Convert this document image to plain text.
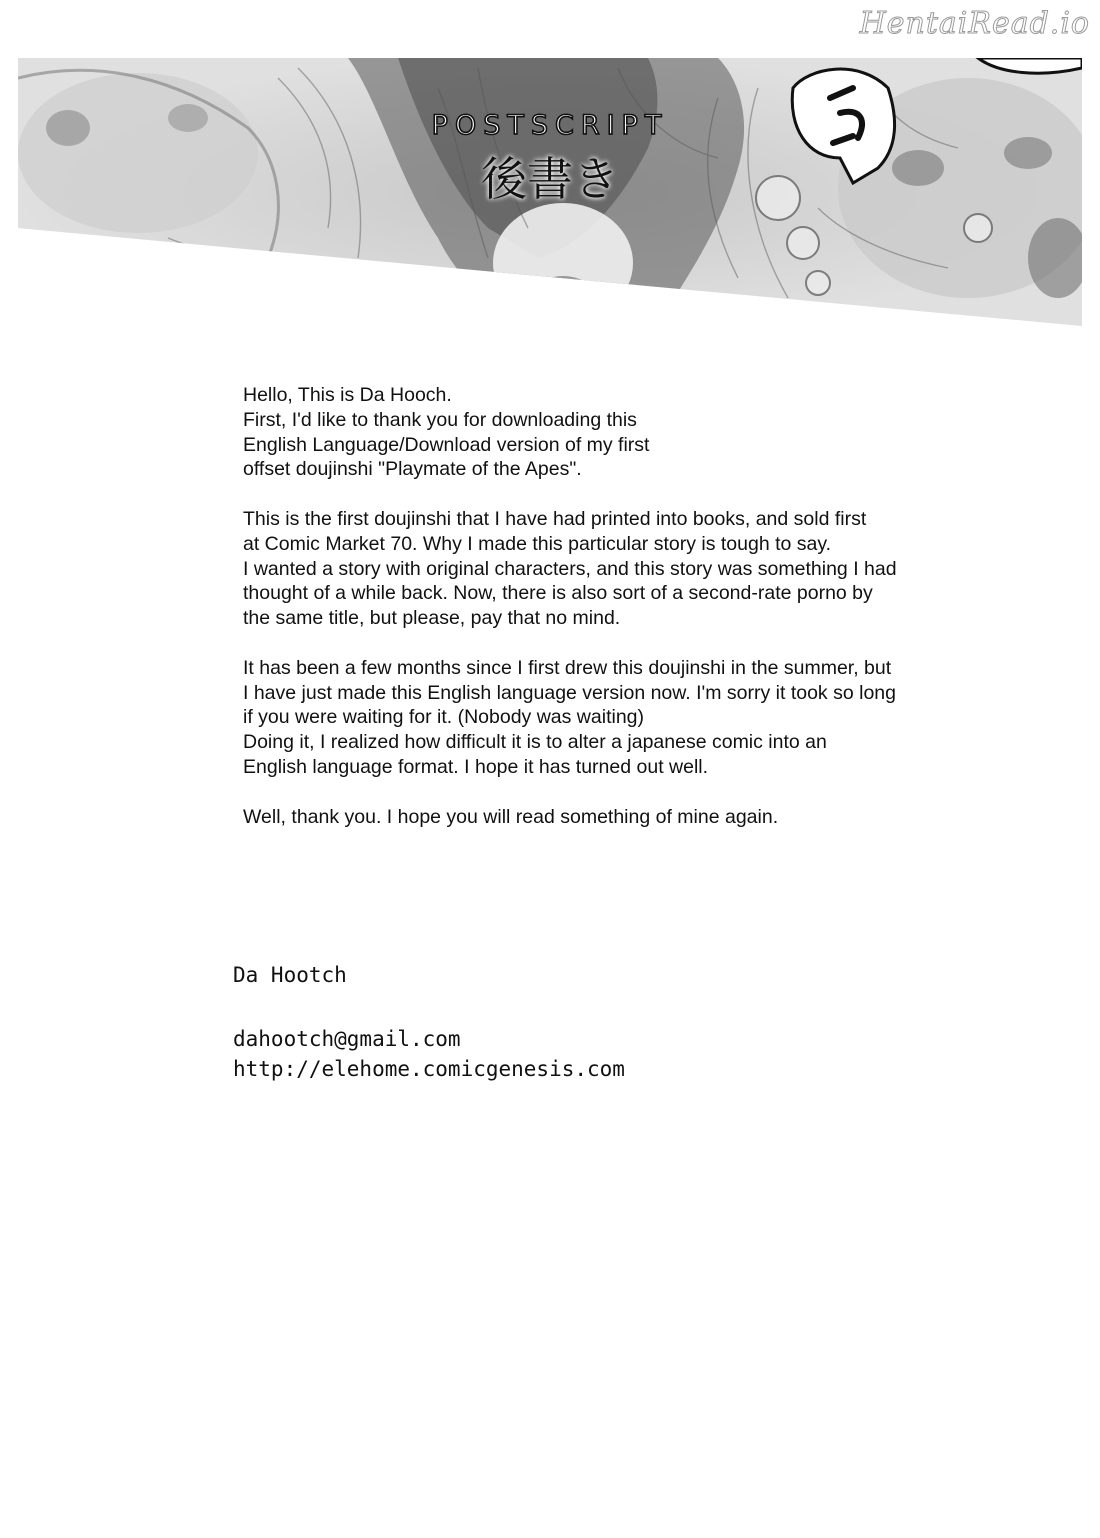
HentaiRead.io
POSTSCRIPT
後書き

Hello, This is Da Hooch.
First, I'd like to thank you for downloading this
English Language/Download version of my first
offset doujinshi "Playmate of the Apes".

This is the first doujinshi that I have had printed into books, and sold first
at Comic Market 70. Why I made this particular story is tough to say.
I wanted a story with original characters, and this story was something I had
thought of a while back. Now, there is also sort of a second-rate porno by
the same title, but please, pay that no mind.

It has been a few months since I first drew this doujinshi in the summer, but
I have just made this English language version now. I'm sorry it took so long
if you were waiting for it. (Nobody was waiting)
Doing it, I realized how difficult it is to alter a japanese comic into an
English language format. I hope it has turned out well.

Well, thank you. I hope you will read something of mine again.

Da Hootch
dahootch@gmail.com
http://elehome.comicgenesis.com
